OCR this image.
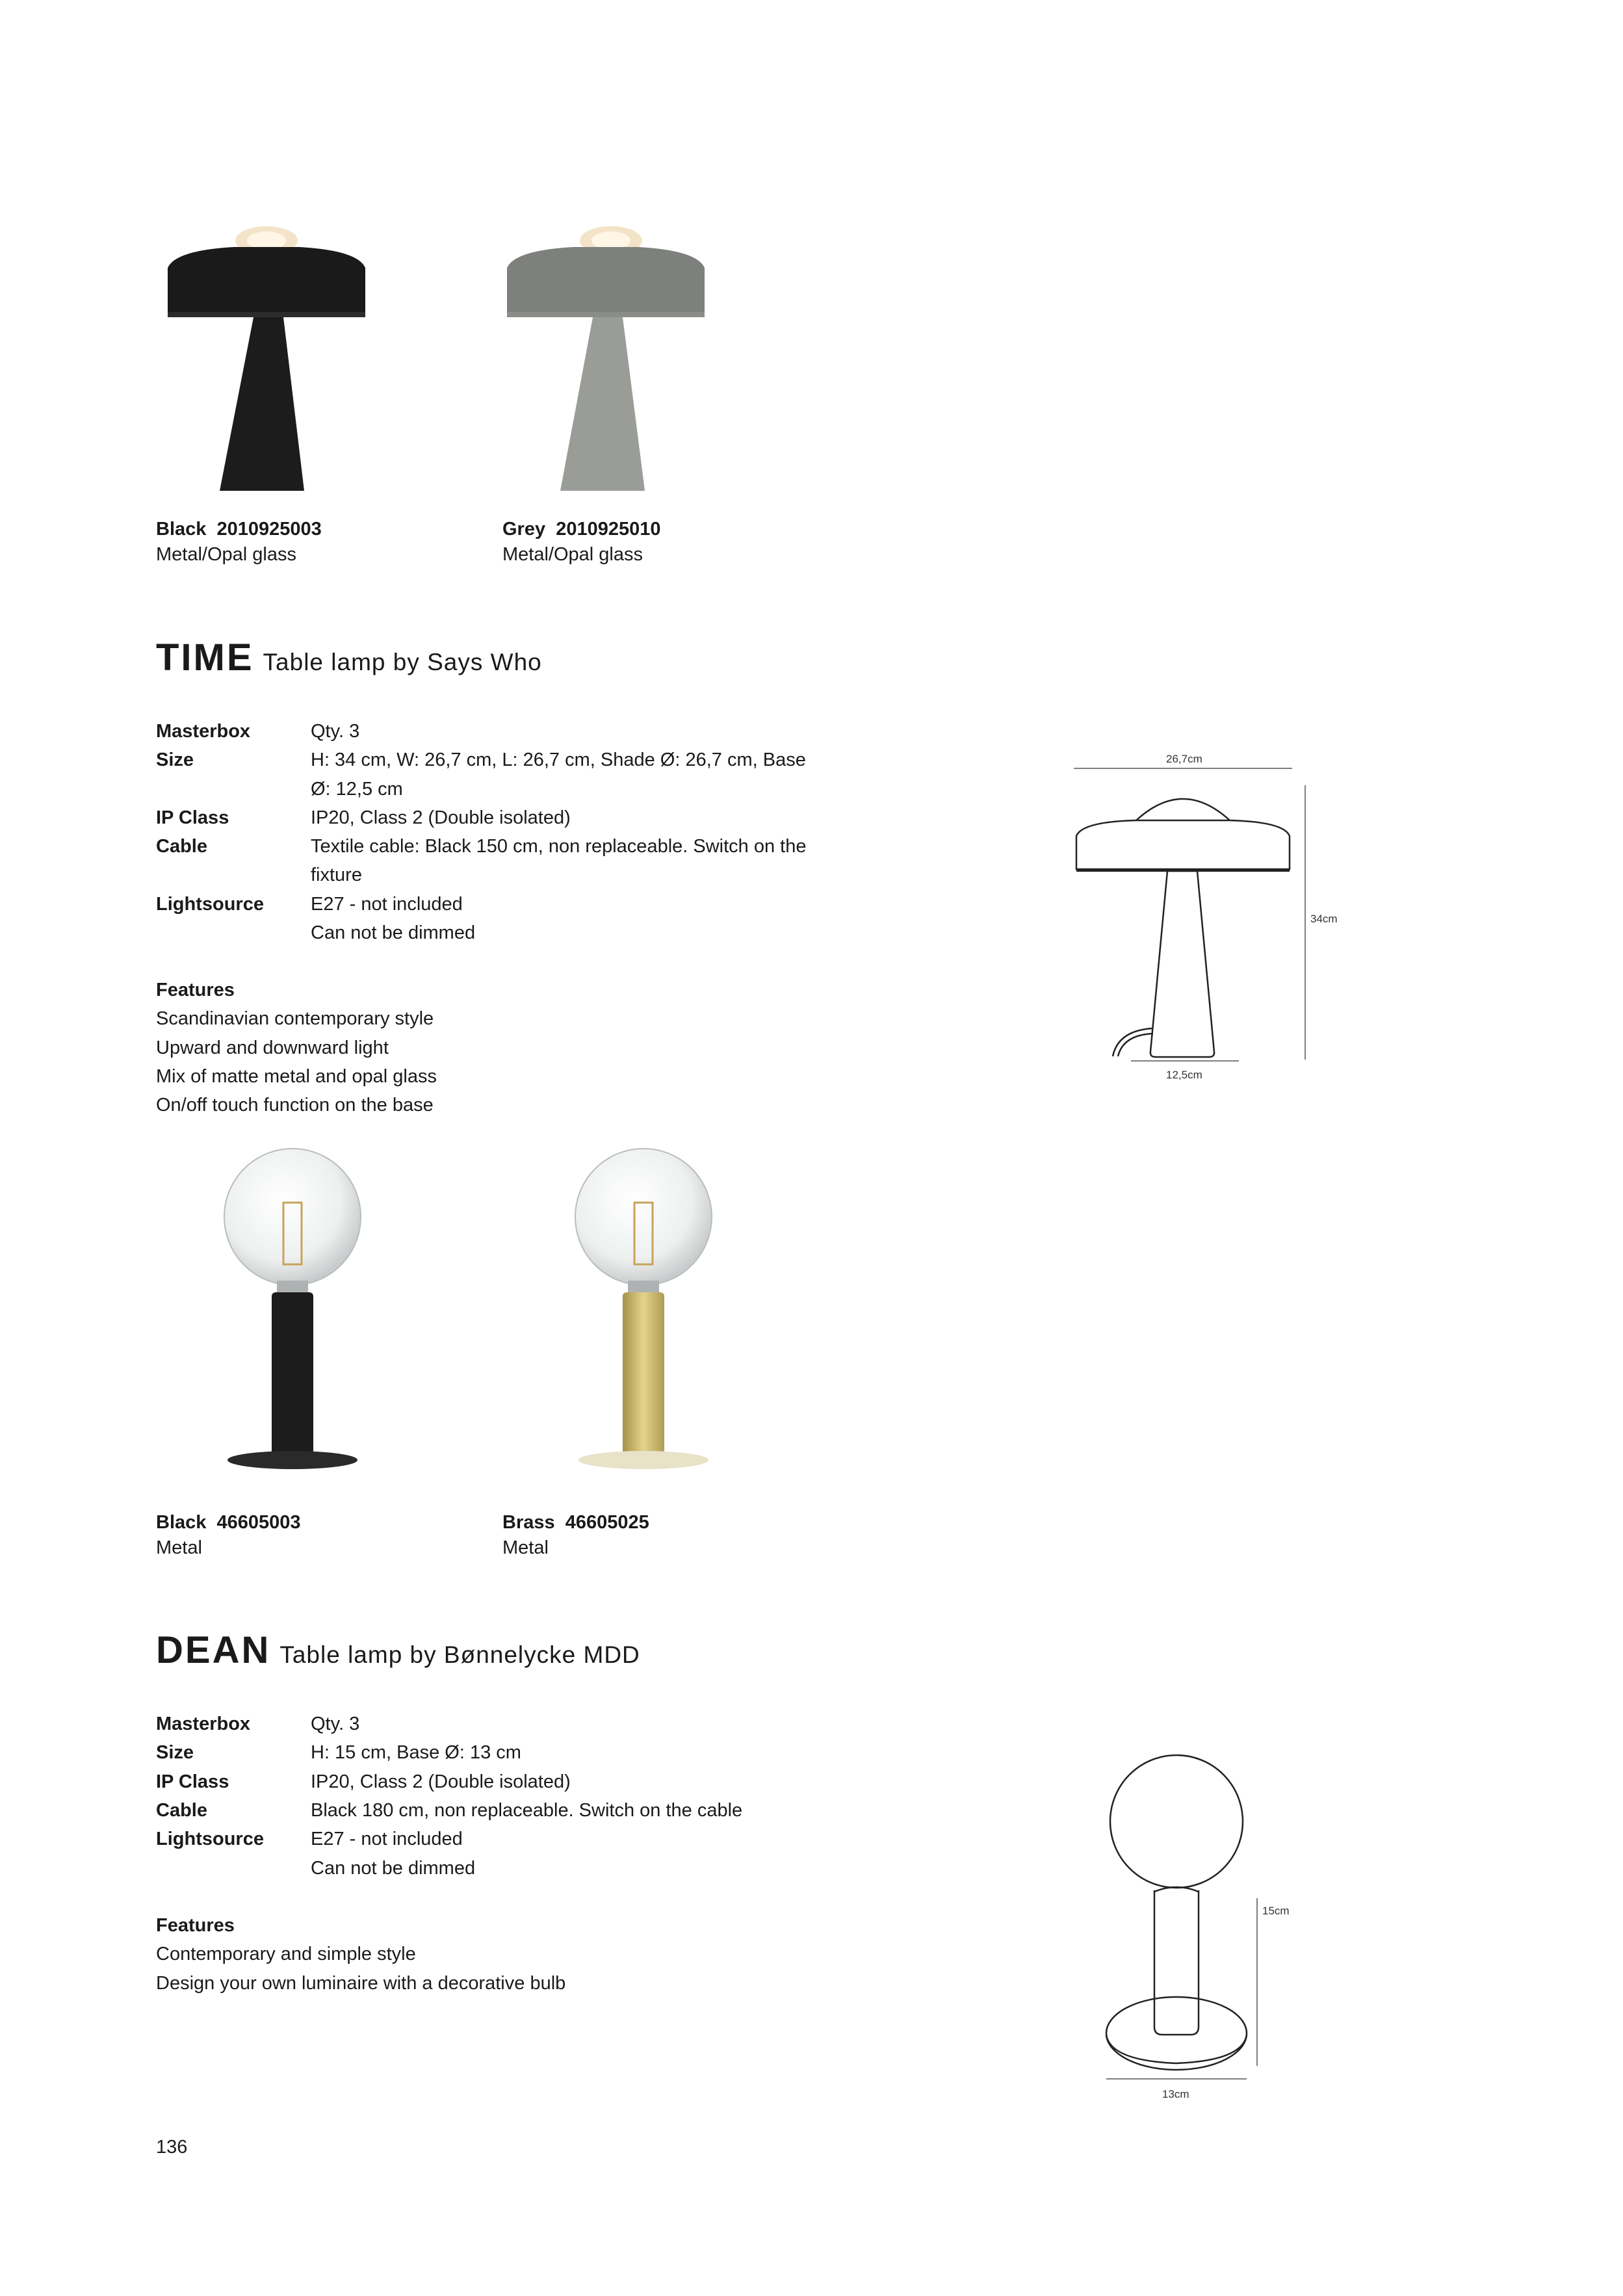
Black 2010925003
Metal/Opal glass
Grey 2010925010
Metal/Opal glass
TIME Table lamp by Says Who
Masterbox	Qty. 3
Size	H: 34 cm, W: 26,7 cm, L: 26,7 cm, Shade Ø: 26,7 cm, Base Ø: 12,5 cm
IP Class	IP20, Class 2 (Double isolated)
Cable	Textile cable: Black 150 cm, non replaceable. Switch on the fixture
Lightsource E27 - not included
Can not be dimmed
Features
Scandinavian contemporary style
Upward and downward light
Mix of matte metal and opal glass
On/off touch function on the base
26,7cm
34cm
12,5cm
Black 46605003
Metal
Brass 46605025
Metal
DEAN Table lamp by Bønnelycke MDD
Masterbox	Qty. 3
Size	H: 15 cm, Base Ø: 13 cm
IP Class	IP20, Class 2 (Double isolated)
Cable	Black 180 cm, non replaceable. Switch on the cable
Lightsource E27 - not included
Can not be dimmed
Features
Contemporary and simple style
Design your own luminaire with a decorative bulb
15cm
13cm
136
